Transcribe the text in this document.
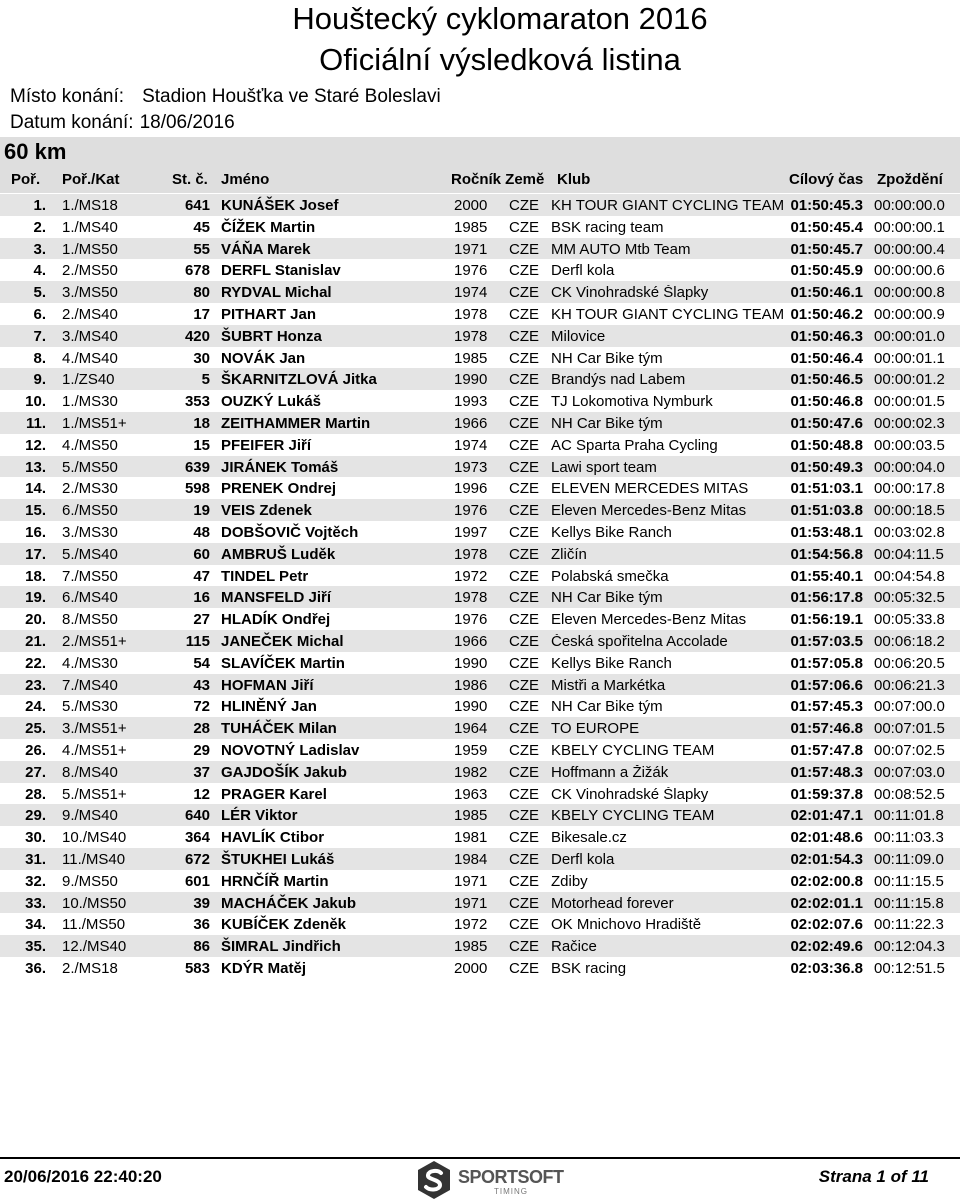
Houštecký cyklomaraton 2016
Oficiální výsledková listina
Místo konání: Stadion Houšťka ve Staré Boleslavi
Datum konání: 18/06/2016
60 km
Poř. Poř./Kat	St. č. Jméno	Ročník Země Klub	Cílový čas Zpoždění
1. 1./MS18	641 KUNÁŠEK Josef	2000 CZE KH TOUR GIANT CYCLING TEAM 01:50:45.3 00:00:00.0
2. 1./MS40	45 ČÍŽEK Martin	1985 CZE BSK racing team	01:50:45.4 00:00:00.1
3. 1./MS50	55 VÁŇA Marek	1971 CZE MM AUTO Mtb Team	01:50:45.7 00:00:00.4
4. 2./MS50	678 DERFL Stanislav	1976 CZE Derfl kola	01:50:45.9 00:00:00.6
5. 3./MS50	80 RYDVAL Michal	1974 CZE CK Vinohradské Šlapky	01:50:46.1 00:00:00.8
6. 2./MS40	17 PITHART Jan	1978 CZE KH TOUR GIANT CYCLING TEAM 01:50:46.2 00:00:00.9
7. 3./MS40	420 ŠUBRT Honza	1978 CZE Milovice	01:50:46.3 00:00:01.0
8. 4./MS40	30 NOVÁK Jan	1985 CZE NH Car Bike tým	01:50:46.4 00:00:01.1
9. 1./ZS40	5 ŠKARNITZLOVÁ Jitka	1990 CZE Brandýs nad Labem	01:50:46.5 00:00:01.2
10. 1./MS30	353 OUZKÝ Lukáš	1993 CZE TJ Lokomotiva Nymburk	01:50:46.8 00:00:01.5
11. 1./MS51+	18 ZEITHAMMER Martin	1966 CZE NH Car Bike tým	01:50:47.6 00:00:02.3
12. 4./MS50	15 PFEIFER Jiří	1974 CZE AC Sparta Praha Cycling	01:50:48.8 00:00:03.5
13. 5./MS50	639 JIRÁNEK Tomáš	1973 CZE Lawi sport team	01:50:49.3 00:00:04.0
14. 2./MS30	598 PRENEK Ondrej	1996 CZE ELEVEN MERCEDES MITAS	01:51:03.1 00:00:17.8
15. 6./MS50	19 VEIS Zdenek	1976 CZE Eleven Mercedes-Benz Mitas	01:51:03.8 00:00:18.5
16. 3./MS30	48 DOBŠOVIČ Vojtěch	1997 CZE Kellys Bike Ranch	01:53:48.1 00:03:02.8
17. 5./MS40	60 AMBRUŠ Luděk	1978 CZE Zličín	01:54:56.8 00:04:11.5
18. 7./MS50	47 TINDEL Petr	1972 CZE Polabská smečka	01:55:40.1 00:04:54.8
19. 6./MS40	16 MANSFELD Jiří	1978 CZE NH Car Bike tým	01:56:17.8 00:05:32.5
20. 8./MS50	27 HLADÍK Ondřej	1976 CZE Eleven Mercedes-Benz Mitas	01:56:19.1 00:05:33.8
21. 2./MS51+	115 JANEČEK Michal	1966 CZE Česká spořitelna Accolade	01:57:03.5 00:06:18.2
22. 4./MS30	54 SLAVÍČEK Martin	1990 CZE Kellys Bike Ranch	01:57:05.8 00:06:20.5
23. 7./MS40	43 HOFMAN Jiří	1986 CZE Mistři a Markétka	01:57:06.6 00:06:21.3
24. 5./MS30	72 HLINĚNÝ Jan	1990 CZE NH Car Bike tým	01:57:45.3 00:07:00.0
25. 3./MS51+	28 TUHÁČEK Milan	1964 CZE TO EUROPE	01:57:46.8 00:07:01.5
26. 4./MS51+	29 NOVOTNÝ Ladislav	1959 CZE KBELY CYCLING TEAM	01:57:47.8 00:07:02.5
27. 8./MS40	37 GAJDOŠÍK Jakub	1982 CZE Hoffmann a Žižák	01:57:48.3 00:07:03.0
28. 5./MS51+	12 PRAGER Karel	1963 CZE CK Vinohradské Šlapky	01:59:37.8 00:08:52.5
29. 9./MS40	640 LÉR Viktor	1985 CZE KBELY CYCLING TEAM	02:01:47.1 00:11:01.8
30. 10./MS40	364 HAVLÍK Ctibor	1981 CZE Bikesale.cz	02:01:48.6 00:11:03.3
31. 11./MS40	672 ŠTUKHEI Lukáš	1984 CZE Derfl kola	02:01:54.3 00:11:09.0
32. 9./MS50	601 HRNČÍŘ Martin	1971 CZE Zdiby	02:02:00.8 00:11:15.5
33. 10./MS50	39 MACHÁČEK Jakub	1971 CZE Motorhead forever	02:02:01.1 00:11:15.8
34. 11./MS50	36 KUBÍČEK Zdeněk	1972 CZE OK Mnichovo Hradiště	02:02:07.6 00:11:22.3
35. 12./MS40	86 ŠIMRAL Jindřich	1985 CZE Račice	02:02:49.6 00:12:04.3
36. 2./MS18	583 KDÝR Matěj	2000 CZE BSK racing	02:03:36.8 00:12:51.5
20/06/2016 22:40:20	SPORTSOFT
TIMING
Strana 1 of 11
